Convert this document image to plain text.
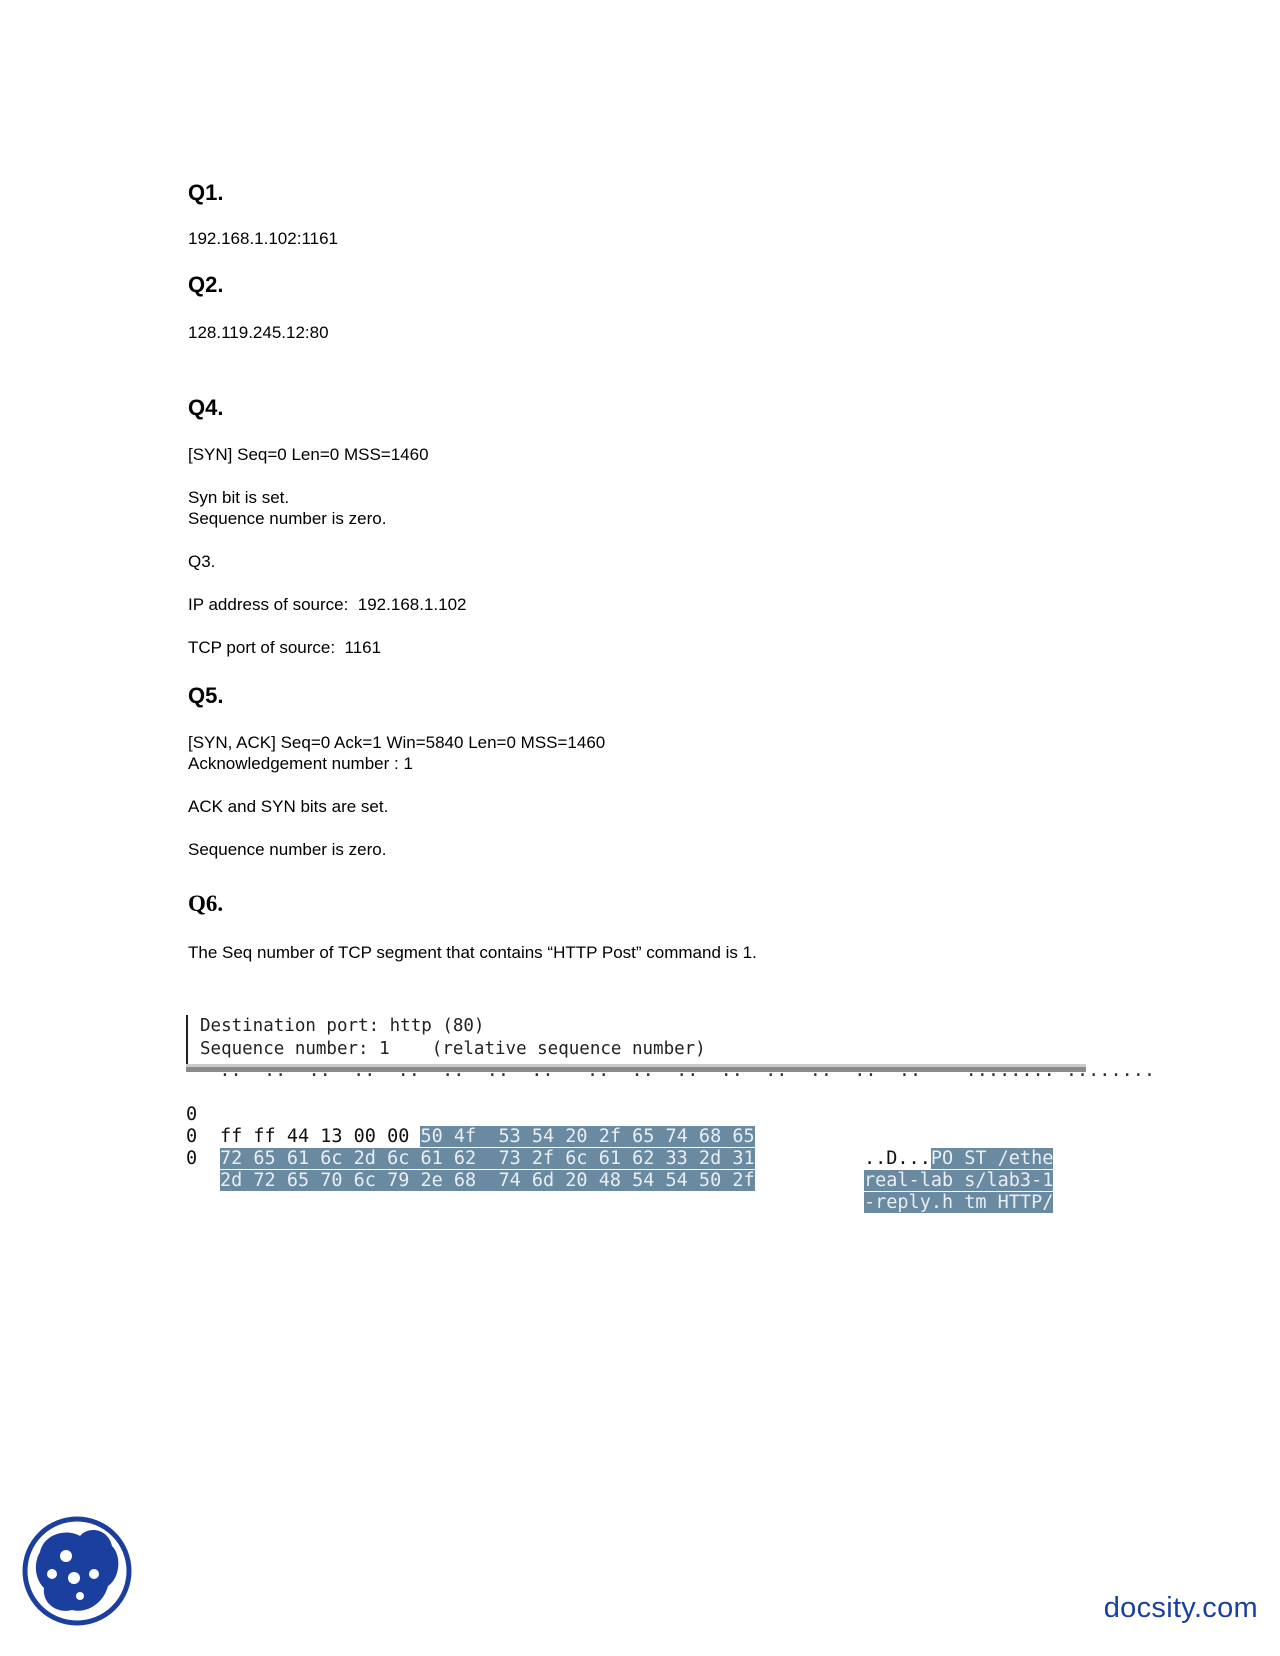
Q1.
192.168.1.102:1161
Q2.
128.119.245.12:80
Q4.
[SYN] Seq=0 Len=0 MSS=1460
Syn bit is set.
Sequence number is zero.
Q3.
IP address of source:  192.168.1.102
TCP port of source:  1161
Q5.
[SYN, ACK] Seq=0 Ack=1 Win=5840 Len=0 MSS=1460
Acknowledgement number : 1
ACK and SYN bits are set.
Sequence number is zero.
Q6.
The Seq number of TCP segment that contains “HTTP Post” command is 1.
Destination port: http (80)
Sequence number: 1    (relative sequence number)
..  ..  ..  ..  ..  ..  ..  ..   ..  ..  ..  ..  ..  ..  ..  ..    ........ ........

0

ff ff 44 13 00 00 50 4f  53 54 20 2f 65 74 68 65

..D...PO ST /ethe

0

72 65 61 6c 2d 6c 61 62  73 2f 6c 61 62 33 2d 31

real-lab s/lab3-1

0

2d 72 65 70 6c 79 2e 68  74 6d 20 48 54 54 50 2f

-reply.h tm HTTP/

docsity.com
